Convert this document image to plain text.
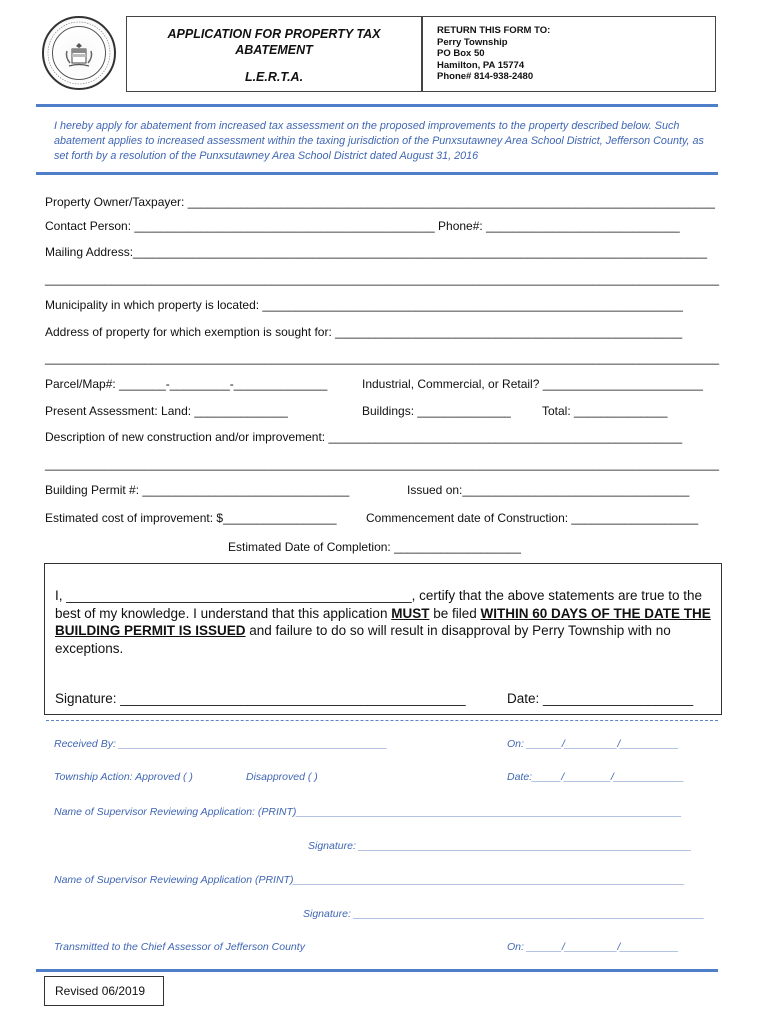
APPLICATION FOR PROPERTY TAX
ABATEMENT
L.E.R.T.A.
RETURN THIS FORM TO:
Perry Township
PO Box 50
Hamilton, PA 15774
Phone# 814-938-2480
I hereby apply for abatement from increased tax assessment on the proposed improvements to the property described below. Such abatement applies to increased assessment within the taxing jurisdiction of the Punxsutawney Area School District, Jefferson County, as set forth by a resolution of the Punxsutawney Area School District dated August 31, 2016
Property Owner/Taxpayer: _______________________________________________________________________________
Contact Person: _____________________________________________ Phone#: _____________________________
Mailing Address:______________________________________________________________________________________
_____________________________________________________________________________________________________
Municipality in which property is located: _______________________________________________________________
Address of property for which exemption is sought for: ____________________________________________________
_____________________________________________________________________________________________________
Parcel/Map#: _______-_________-______________	Industrial, Commercial, or Retail? ________________________
Present Assessment: Land: ______________	Buildings: ______________	Total: ______________
Description of new construction and/or improvement: _____________________________________________________
_____________________________________________________________________________________________________
Building Permit #: _______________________________	Issued on:__________________________________
Estimated cost of improvement: $_________________ Commencement date of Construction: ___________________
Estimated Date of Completion: ___________________
I, ______________________________________________, certify that the above statements are true to the best of my knowledge. I understand that this application MUST be filed WITHIN 60 DAYS OF THE DATE THE BUILDING PERMIT IS ISSUED and failure to do so will result in disapproval by Perry Township with no exceptions.
Signature: ______________________________________________	Date: ____________________
Received By: ______________________________________________	On: ______/_________/__________
Township Action: Approved ( )	Disapproved ( )	Date:_____/________/____________
Name of Supervisor Reviewing Application: (PRINT)__________________________________________________________________
Signature: _________________________________________________________
Name of Supervisor Reviewing Application (PRINT)___________________________________________________________________
Signature: ____________________________________________________________
Transmitted to the Chief Assessor of Jefferson County	On: ______/_________/__________
Revised 06/2019
